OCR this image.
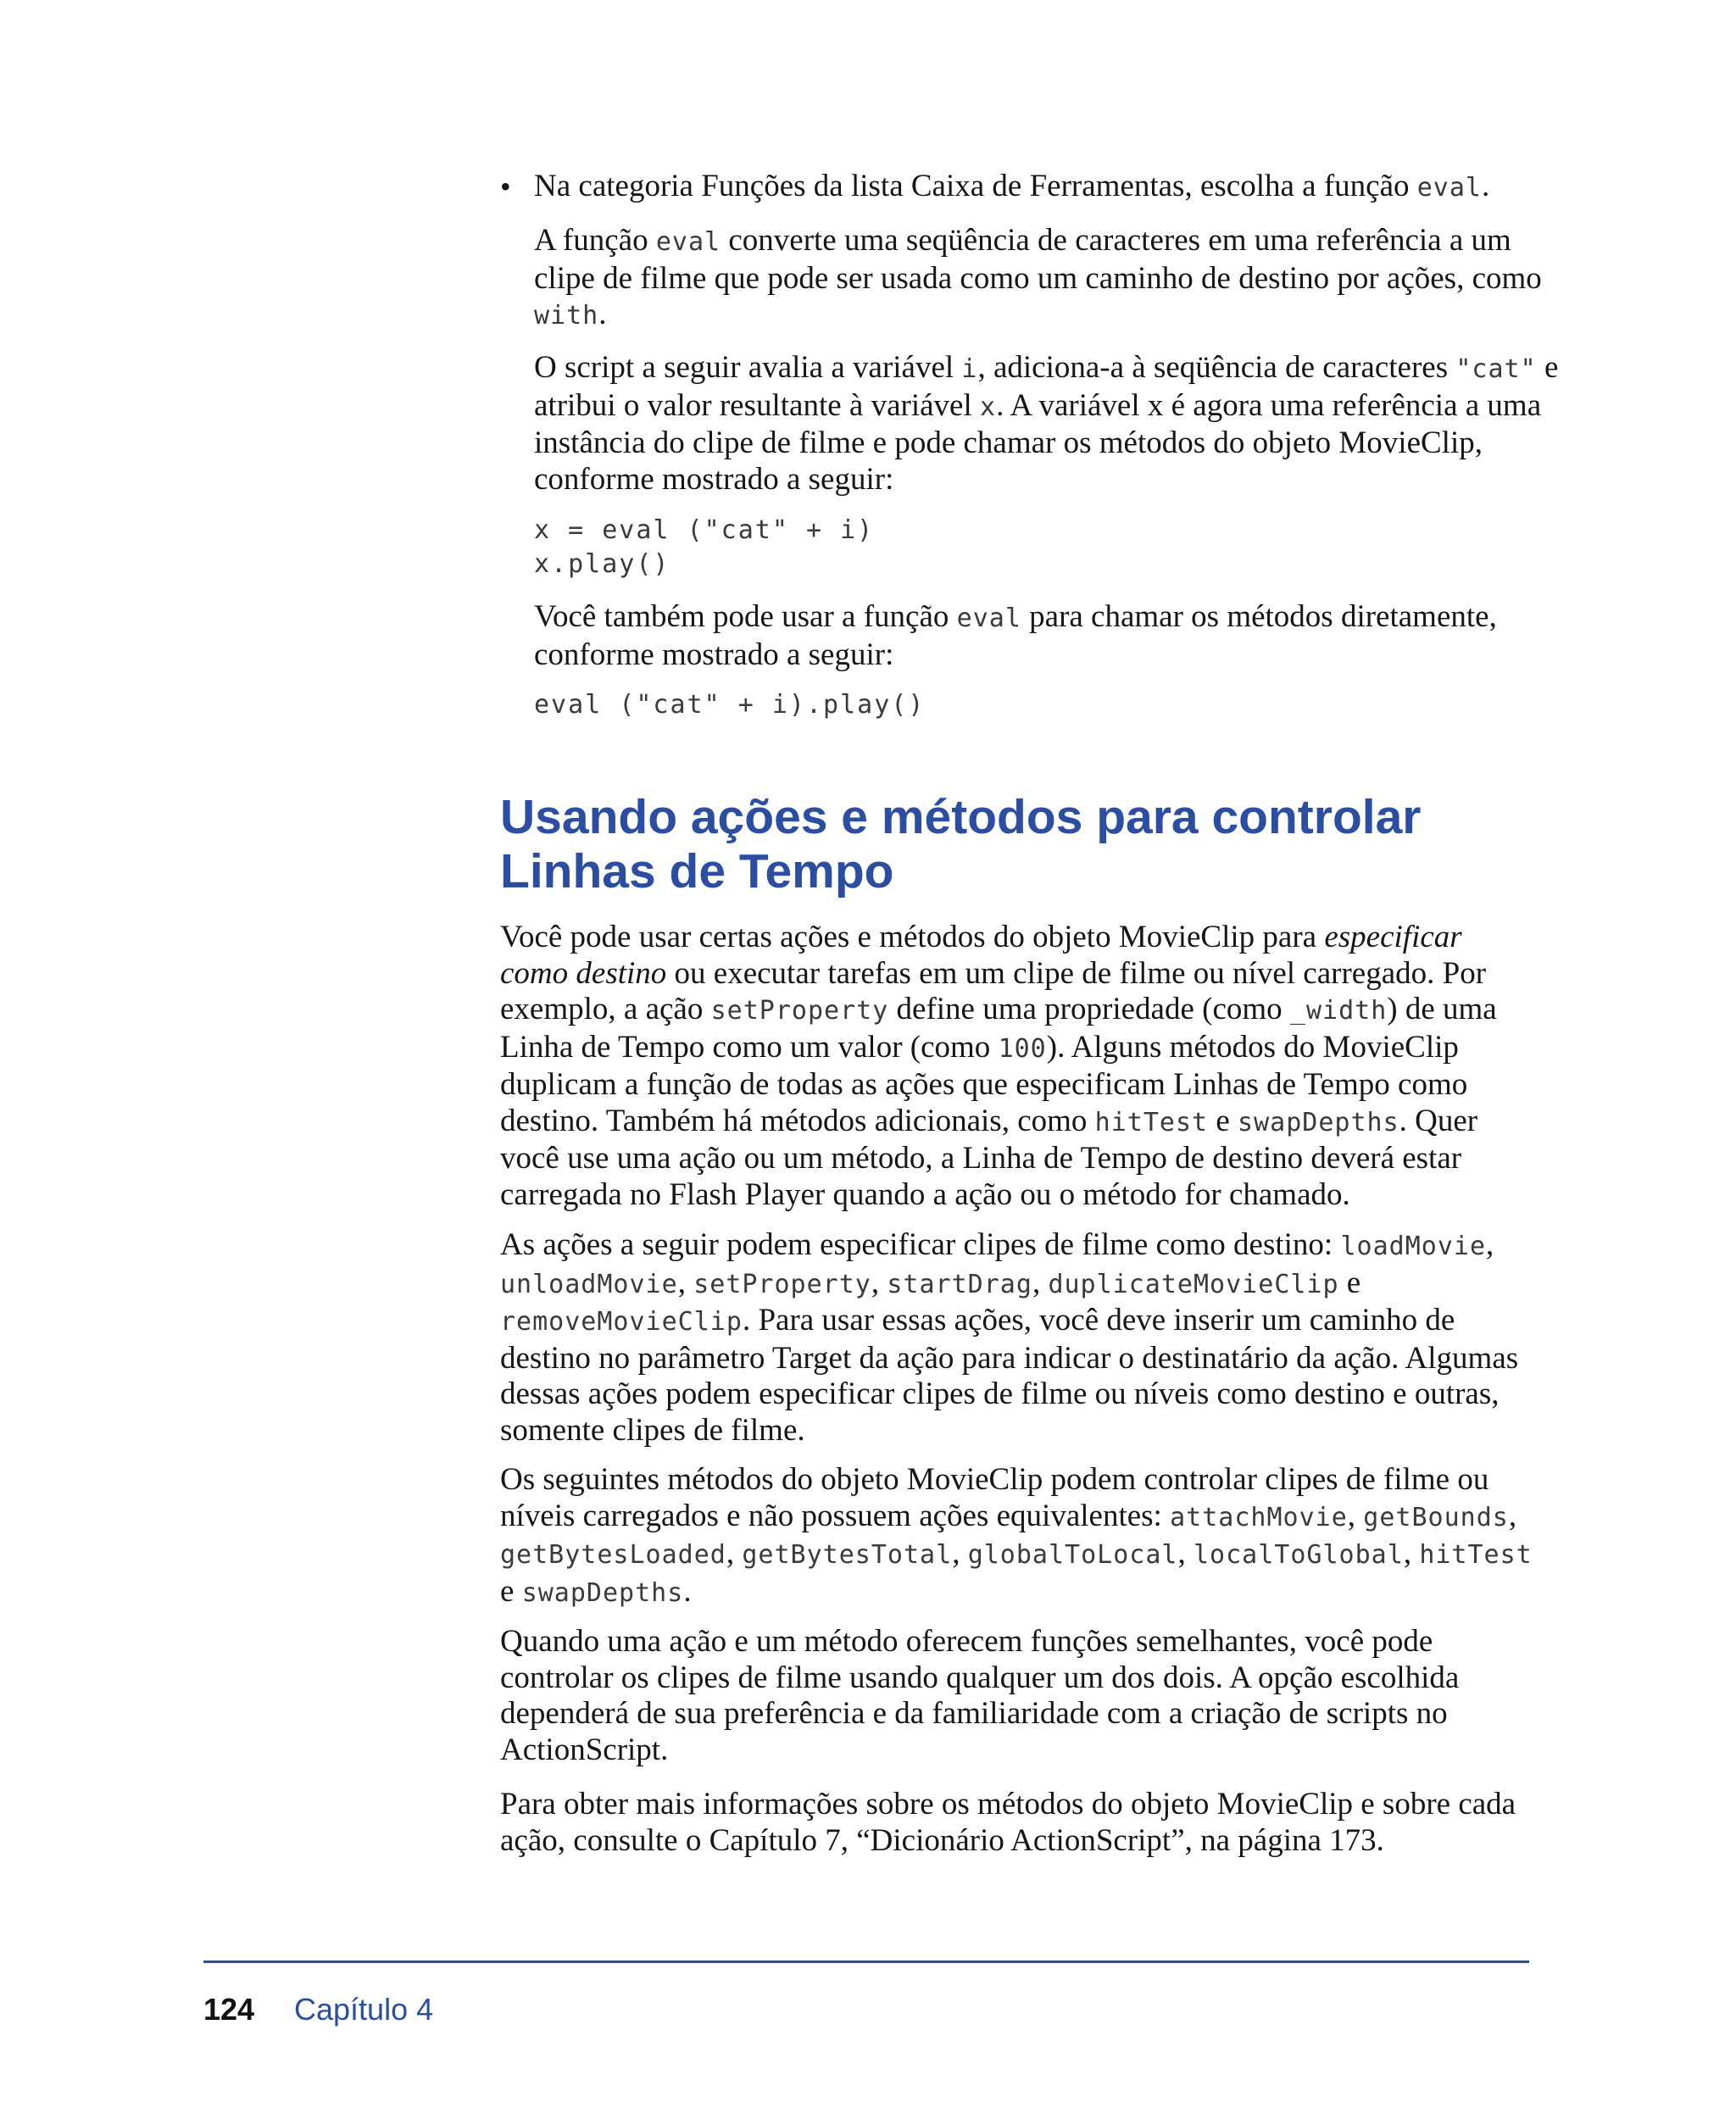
• Na categoria Funções da lista Caixa de Ferramentas, escolha a função eval.

A função eval converte uma seqüência de caracteres em uma referência a um clipe de filme que pode ser usada como um caminho de destino por ações, como with.

O script a seguir avalia a variável i, adiciona-a à seqüência de caracteres "cat" e atribui o valor resultante à variável x. A variável x é agora uma referência a uma instância do clipe de filme e pode chamar os métodos do objeto MovieClip, conforme mostrado a seguir:

x = eval ("cat" + i)
x.play()

Você também pode usar a função eval para chamar os métodos diretamente, conforme mostrado a seguir:

eval ("cat" + i).play()
Usando ações e métodos para controlar
Linhas de Tempo

Você pode usar certas ações e métodos do objeto MovieClip para especificar como destino ou executar tarefas em um clipe de filme ou nível carregado. Por exemplo, a ação setProperty define uma propriedade (como _width) de uma Linha de Tempo como um valor (como 100). Alguns métodos do MovieClip duplicam a função de todas as ações que especificam Linhas de Tempo como destino. Também há métodos adicionais, como hitTest e swapDepths. Quer você use uma ação ou um método, a Linha de Tempo de destino deverá estar carregada no Flash Player quando a ação ou o método for chamado.

As ações a seguir podem especificar clipes de filme como destino: loadMovie, unloadMovie, setProperty, startDrag, duplicateMovieClip e removeMovieClip. Para usar essas ações, você deve inserir um caminho de destino no parâmetro Target da ação para indicar o destinatário da ação. Algumas dessas ações podem especificar clipes de filme ou níveis como destino e outras, somente clipes de filme.

Os seguintes métodos do objeto MovieClip podem controlar clipes de filme ou níveis carregados e não possuem ações equivalentes: attachMovie, getBounds, getBytesLoaded, getBytesTotal, globalToLocal, localToGlobal, hitTest e swapDepths.

Quando uma ação e um método oferecem funções semelhantes, você pode controlar os clipes de filme usando qualquer um dos dois. A opção escolhida dependerá de sua preferência e da familiaridade com a criação de scripts no ActionScript.

Para obter mais informações sobre os métodos do objeto MovieClip e sobre cada ação, consulte o Capítulo 7, “Dicionário ActionScript”, na página 173.

124 Capítulo 4
